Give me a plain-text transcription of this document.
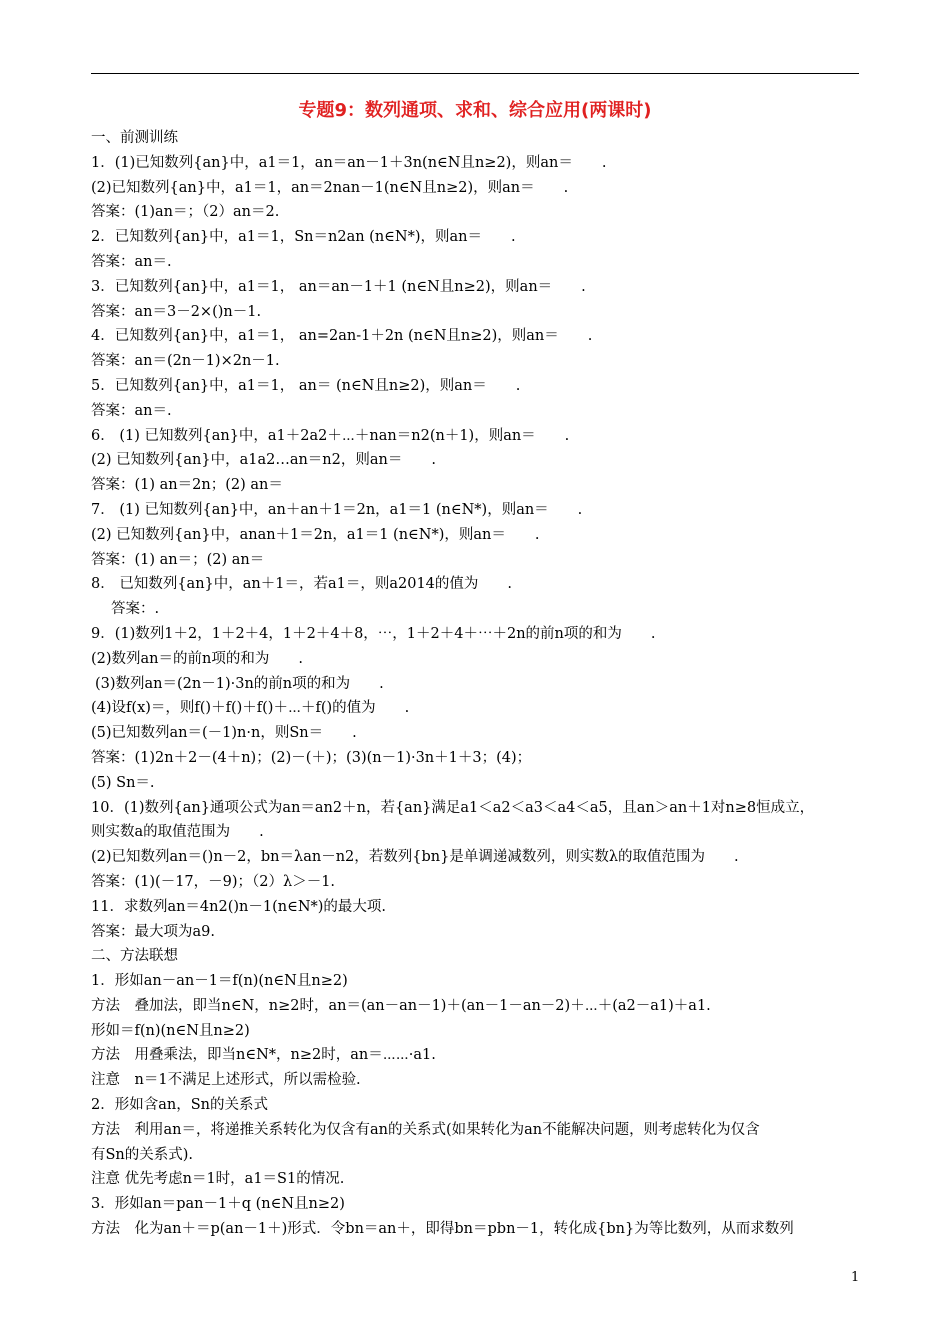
专题9：数列通项、求和、综合应用(两课时)
一、前测训练
1．(1)已知数列{an}中，a1＝1，an＝an－1＋3n(n∈N且n≥2)，则an＝　　.
(2)已知数列{an}中，a1＝1，an＝2nan－1(n∈N且n≥2)，则an＝　　.
答案：(1)an＝；（2）an＝2.
2．已知数列{an}中，a1＝1，Sn＝n2an (n∈N*)，则an＝　　.
答案：an＝.
3．已知数列{an}中，a1＝1， an＝an－1＋1 (n∈N且n≥2)，则an＝　　.
答案：an＝3－2×()n－1.
4．已知数列{an}中，a1＝1， an=2an-1＋2n (n∈N且n≥2)，则an＝　　.
答案：an＝(2n－1)×2n－1.
5．已知数列{an}中，a1＝1， an＝ (n∈N且n≥2)，则an＝　　.
答案：an＝.
6． (1) 已知数列{an}中，a1＋2a2＋⋯＋nan＝n2(n＋1)，则an＝　　.
(2) 已知数列{an}中，a1a2…an＝n2，则an＝　　.
答案：(1) an＝2n；(2) an＝
7． (1) 已知数列{an}中，an＋an＋1＝2n，a1＝1 (n∈N*)，则an＝　　.
(2) 已知数列{an}中，anan＋1＝2n，a1＝1 (n∈N*)，则an＝　　.
答案：(1) an＝；(2) an＝
8． 已知数列{an}中，an＋1＝，若a1＝，则a2014的值为　　.
答案：.
9．(1)数列1＋2，1＋2＋4，1＋2＋4＋8，⋯，1＋2＋4＋⋯＋2n的前n项的和为　　.
(2)数列an＝的前n项的和为　　.
(3)数列an＝(2n－1)·3n的前n项的和为　　.
(4)设f(x)＝，则f()＋f()＋f()＋⋯＋f()的值为　　.
(5)已知数列an＝(－1)n·n，则Sn＝　　.
答案：(1)2n＋2－(4＋n)；(2)－(＋)；(3)(n－1)·3n＋1＋3；(4)；
(5) Sn＝.
10．(1)数列{an}通项公式为an＝an2＋n，若{an}满足a1＜a2＜a3＜a4＜a5，且an＞an＋1对n≥8恒成立，
则实数a的取值范围为　　.
(2)已知数列an＝()n－2，bn＝λan－n2，若数列{bn}是单调递减数列，则实数λ的取值范围为　　.
答案：(1)(－17，－9)；（2）λ＞－1.
11．求数列an＝4n2()n－1(n∈N*)的最大项.
答案：最大项为a9.
二、方法联想
1．形如an－an－1＝f(n)(n∈N且n≥2)
方法　叠加法，即当n∈N，n≥2时，an＝(an－an－1)＋(an－1－an－2)＋⋯＋(a2－a1)＋a1.
形如＝f(n)(n∈N且n≥2)
方法　用叠乘法，即当n∈N*，n≥2时，an＝⋯⋯·a1.
注意　n＝1不满足上述形式，所以需检验.
2．形如含an，Sn的关系式
方法　利用an＝，将递推关系转化为仅含有an的关系式(如果转化为an不能解决问题，则考虑转化为仅含
有Sn的关系式).
注意 优先考虑n＝1时，a1＝S1的情况.
3．形如an＝pan－1＋q (n∈N且n≥2)
方法　化为an＋＝p(an－1＋)形式．令bn＝an＋，即得bn＝pbn－1，转化成{bn}为等比数列，从而求数列
1
